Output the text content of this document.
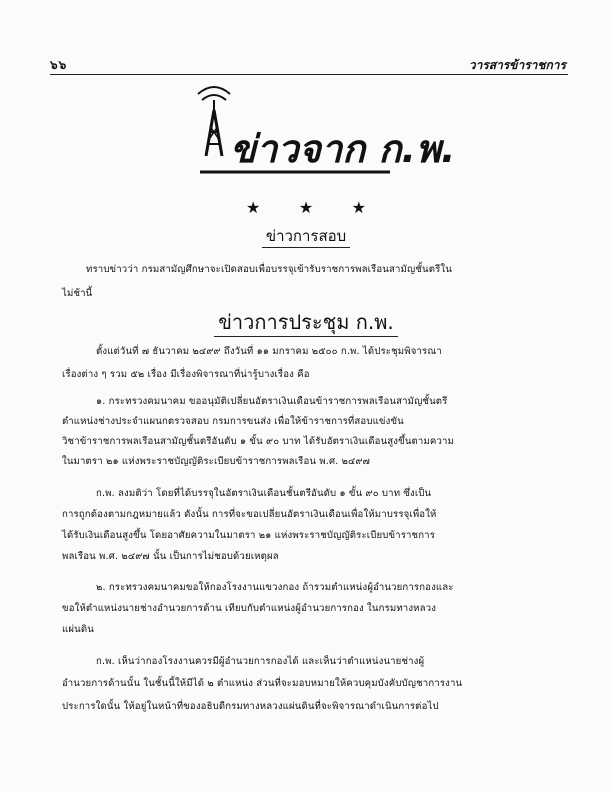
๖๖	วารสารข้าราชการ
ข่าวจาก ก.พ.
★ ★ ★
ข่าวการสอบ
ทราบข่าวว่า กรมสามัญศึกษาจะเปิดสอบเพื่อบรรจุเข้ารับราชการพลเรือนสามัญชั้นตรีใน
ไม่ช้านี้
ข่าวการประชุม ก.พ.
ตั้งแต่วันที่ ๗ ธันวาคม ๒๔๙๙ ถึงวันที่ ๑๑ มกราคม ๒๕๐๐ ก.พ. ได้ประชุมพิจารณา
เรื่องต่าง ๆ รวม ๕๒ เรื่อง มีเรื่องพิจารณาที่น่ารู้บางเรื่อง คือ
๑. กระทรวงคมนาคม ขออนุมัติเปลี่ยนอัตราเงินเดือนข้าราชการพลเรือนสามัญชั้นตรี
ตำแหน่งช่างประจำแผนกตรวจสอบ กรมการขนส่ง เพื่อให้ข้าราชการที่สอบแข่งขัน
วิชาข้าราชการพลเรือนสามัญชั้นตรีอันดับ ๑ ขั้น ๙๐ บาท ได้รับอัตราเงินเดือนสูงขึ้นตามความ
ในมาตรา ๒๑ แห่งพระราชบัญญัติระเบียบข้าราชการพลเรือน พ.ศ. ๒๔๙๗
ก.พ. ลงมติว่า โดยที่ได้บรรจุในอัตราเงินเดือนชั้นตรีอันดับ ๑ ขั้น ๙๐ บาท ซึ่งเป็น
การถูกต้องตามกฎหมายแล้ว ดังนั้น การที่จะขอเปลี่ยนอัตราเงินเดือนเพื่อให้มาบรรจุเพื่อให้
ได้รับเงินเดือนสูงขึ้น โดยอาศัยความในมาตรา ๒๑ แห่งพระราชบัญญัติระเบียบข้าราชการ
พลเรือน พ.ศ. ๒๔๙๗ นั้น เป็นการไม่ชอบด้วยเหตุผล
๒. กระทรวงคมนาคมขอให้กองโรงงานแขวงกอง ถ้ารวมตำแหน่งผู้อำนวยการกองและ
ขอให้ตำแหน่งนายช่างอำนวยการด้าน เทียบกับตำแหน่งผู้อำนวยการกอง ในกรมทางหลวง
แผ่นดิน
ก.พ. เห็นว่ากองโรงงานควรมีผู้อำนวยการกองได้ และเห็นว่าตำแหน่งนายช่างผู้
อำนวยการด้านนั้น ในชั้นนี้ให้มีได้ ๒ ตำแหน่ง ส่วนที่จะมอบหมายให้ควบคุมบังคับบัญชาการงาน
ประการใดนั้น ให้อยู่ในหน้าที่ของอธิบดีกรมทางหลวงแผ่นดินที่จะพิจารณาดำเนินการต่อไป
